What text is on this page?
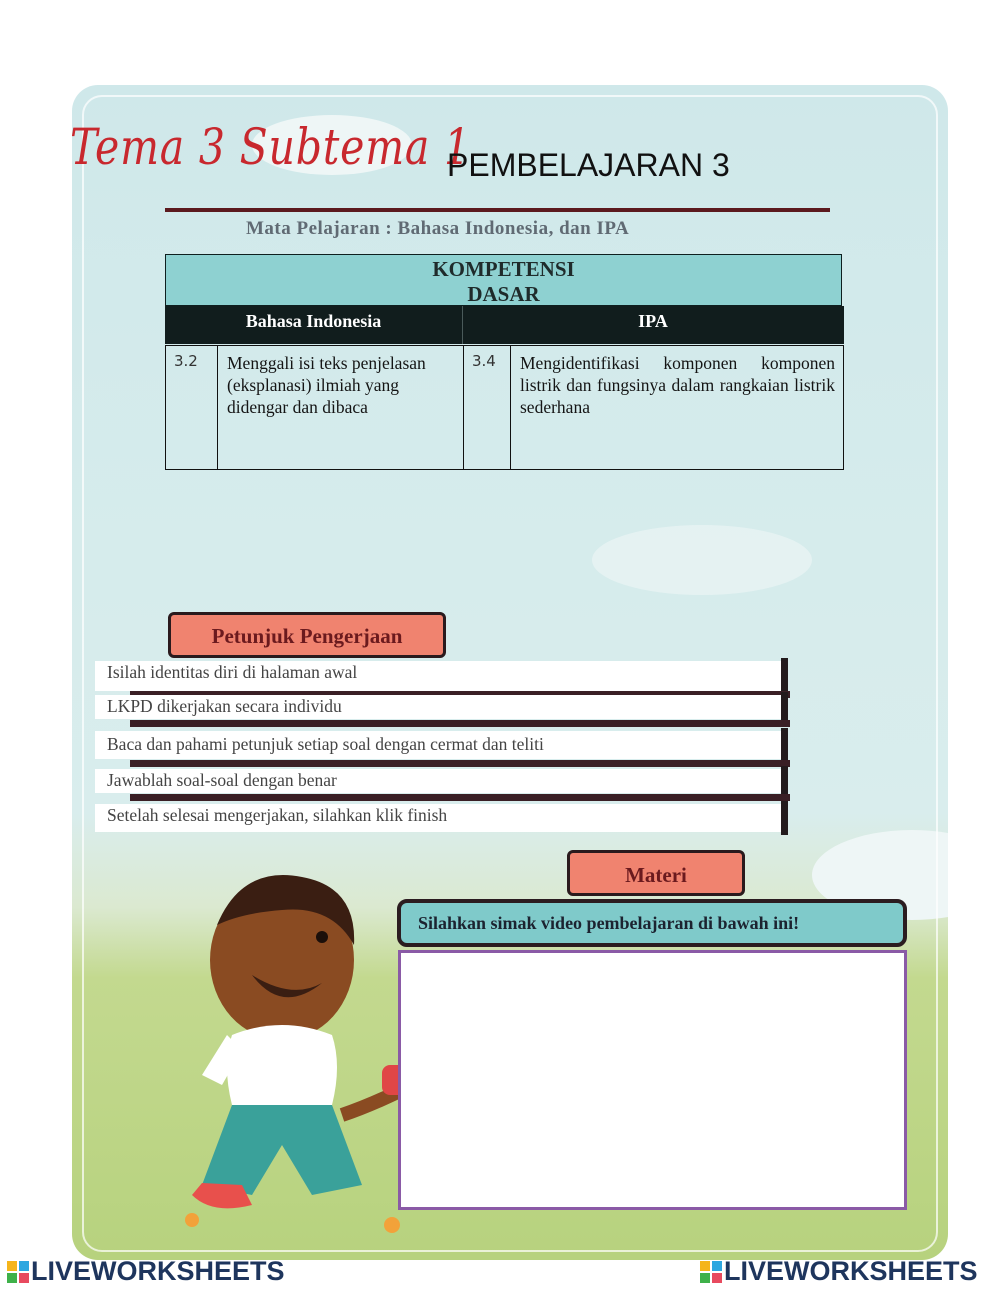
Tema 3 Subtema 1
PEMBELAJARAN 3
Mata Pelajaran : Bahasa Indonesia, dan IPA
KOMPETENSI
DASAR
Bahasa Indonesia	IPA
3.2	Menggali isi teks penjelasan (eksplanasi) ilmiah yang didengar dan dibaca
3.4	Mengidentifikasi komponen komponen listrik dan fungsinya dalam rangkaian listrik sederhana
Petunjuk Pengerjaan
Isilah identitas diri di halaman awal
LKPD dikerjakan secara individu
Baca dan pahami petunjuk setiap soal dengan cermat dan teliti
Jawablah soal-soal dengan benar
Setelah selesai mengerjakan, silahkan klik finish
Materi
Silahkan simak video pembelajaran di bawah ini!
LIVEWORKSHEETS	LIVEWORKSHEETS
